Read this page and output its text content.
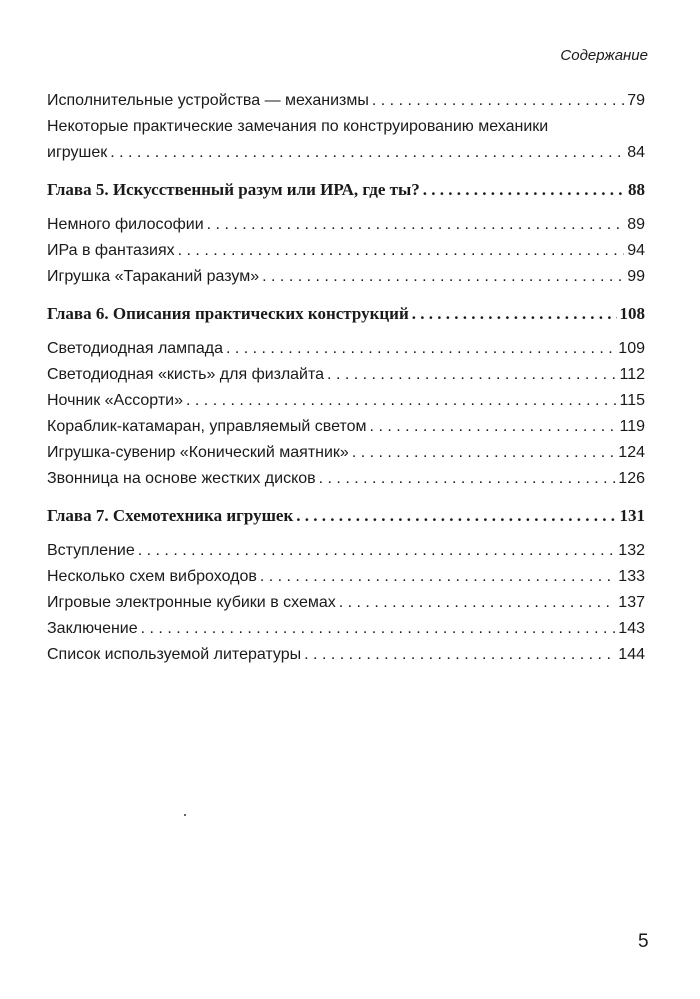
Содержание
Исполнительные устройства — механизмы . . .	79
Некоторые практические замечания по конструированию механики
игрушек . . .	84
Глава 5. Искусственный разум или ИРА, где ты? . . .	88
Немного философии . . .	89
ИРа в фантазиях . . .	94
Игрушка «Тараканий разум» . . .	99
Глава 6. Описания практических конструкций . . .	108
Светодиодная лампада . . .	109
Светодиодная «кисть» для физлайта . . .	112
Ночник «Ассорти» . . .	115
Кораблик-катамаран, управляемый светом . . .	119
Игрушка-сувенир «Конический маятник» . . .	124
Звонница на основе жестких дисков . . .	126
Глава 7. Схемотехника игрушек . . .	131
Вступление . . .	132
Несколько схем виброходов . . .	133
Игровые электронные кубики в схемах . . .	137
Заключение . . .	143
Список используемой литературы . . .	144
5
